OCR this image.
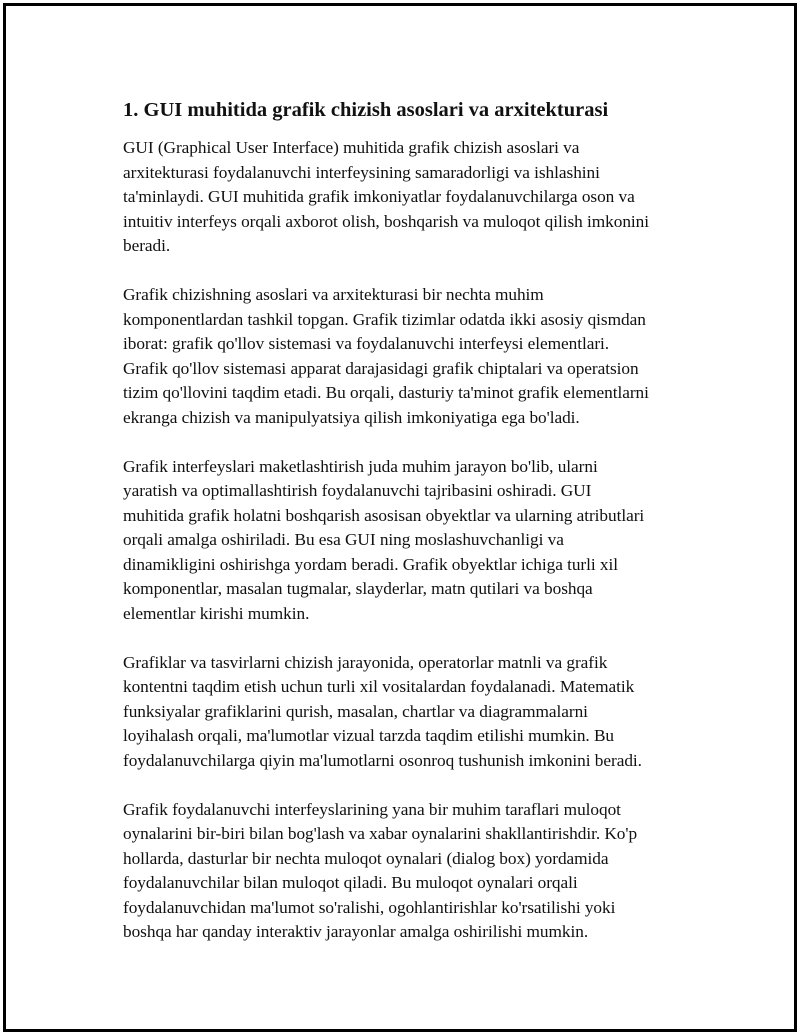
1. GUI muhitida grafik chizish asoslari va arxitekturasi

GUI (Graphical User Interface) muhitida grafik chizish asoslari va
arxitekturasi foydalanuvchi interfeysining samaradorligi va ishlashini
ta'minlaydi. GUI muhitida grafik imkoniyatlar foydalanuvchilarga oson va
intuitiv interfeys orqali axborot olish, boshqarish va muloqot qilish imkonini
beradi.

Grafik chizishning asoslari va arxitekturasi bir nechta muhim
komponentlardan tashkil topgan. Grafik tizimlar odatda ikki asosiy qismdan
iborat: grafik qo'llov sistemasi va foydalanuvchi interfeysi elementlari.
Grafik qo'llov sistemasi apparat darajasidagi grafik chiptalari va operatsion
tizim qo'llovini taqdim etadi. Bu orqali, dasturiy ta'minot grafik elementlarni
ekranga chizish va manipulyatsiya qilish imkoniyatiga ega bo'ladi.

Grafik interfeyslari maketlashtirish juda muhim jarayon bo'lib, ularni
yaratish va optimallashtirish foydalanuvchi tajribasini oshiradi. GUI
muhitida grafik holatni boshqarish asosisan obyektlar va ularning atributlari
orqali amalga oshiriladi. Bu esa GUI ning moslashuvchanligi va
dinamikligini oshirishga yordam beradi. Grafik obyektlar ichiga turli xil
komponentlar, masalan tugmalar, slayderlar, matn qutilari va boshqa
elementlar kirishi mumkin.

Grafiklar va tasvirlarni chizish jarayonida, operatorlar matnli va grafik
kontentni taqdim etish uchun turli xil vositalardan foydalanadi. Matematik
funksiyalar grafiklarini qurish, masalan, chartlar va diagrammalarni
loyihalash orqali, ma'lumotlar vizual tarzda taqdim etilishi mumkin. Bu
foydalanuvchilarga qiyin ma'lumotlarni osonroq tushunish imkonini beradi.

Grafik foydalanuvchi interfeyslarining yana bir muhim taraflari muloqot
oynalarini bir-biri bilan bog'lash va xabar oynalarini shakllantirishdir. Ko'p
hollarda, dasturlar bir nechta muloqot oynalari (dialog box) yordamida
foydalanuvchilar bilan muloqot qiladi. Bu muloqot oynalari orqali
foydalanuvchidan ma'lumot so'ralishi, ogohlantirishlar ko'rsatilishi yoki
boshqa har qanday interaktiv jarayonlar amalga oshirilishi mumkin.
